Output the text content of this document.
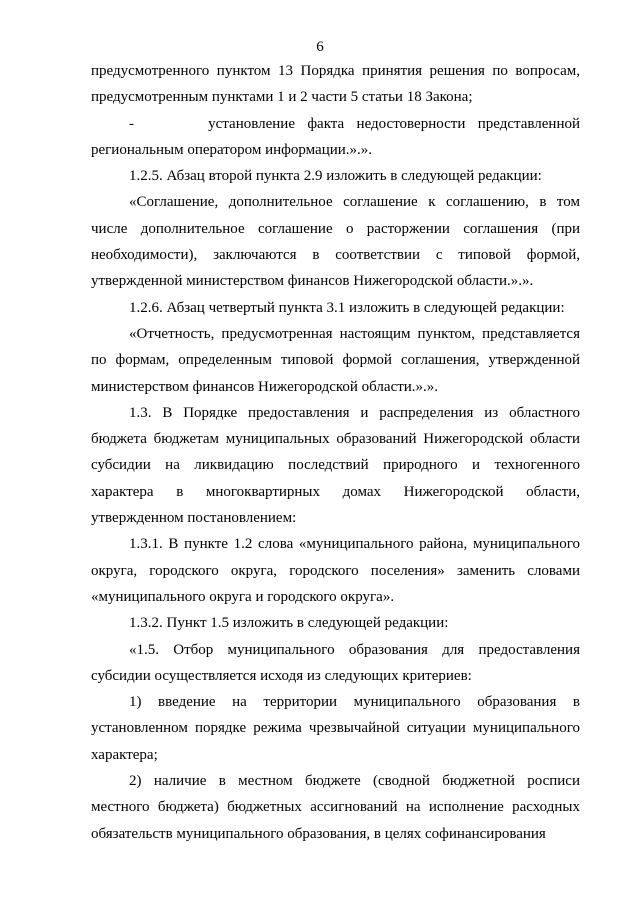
6
предусмотренного пунктом 13 Порядка принятия решения по вопросам,
предусмотренным пунктами 1 и 2 части 5 статьи 18 Закона;
-      установление факта недостоверности представленной
региональным оператором информации.».».
1.2.5. Абзац второй пункта 2.9 изложить в следующей редакции:
«Соглашение, дополнительное соглашение к соглашению, в том
числе дополнительное соглашение о расторжении соглашения (при
необходимости), заключаются в соответствии с типовой формой,
утвержденной министерством финансов Нижегородской области.».».
1.2.6. Абзац четвертый пункта 3.1 изложить в следующей редакции:
«Отчетность, предусмотренная настоящим пунктом, представляется
по формам, определенным типовой формой соглашения, утвержденной
министерством финансов Нижегородской области.».».
1.3. В Порядке предоставления и распределения из областного
бюджета бюджетам муниципальных образований Нижегородской области
субсидии на ликвидацию последствий природного и техногенного
характера в многоквартирных домах Нижегородской области,
утвержденном постановлением:
1.3.1. В пункте 1.2 слова «муниципального района, муниципального
округа, городского округа, городского поселения» заменить словами
«муниципального округа и городского округа».
1.3.2. Пункт 1.5 изложить в следующей редакции:
«1.5. Отбор муниципального образования для предоставления
субсидии осуществляется исходя из следующих критериев:
1) введение на территории муниципального образования в
установленном порядке режима чрезвычайной ситуации муниципального
характера;
2) наличие в местном бюджете (сводной бюджетной росписи
местного бюджета) бюджетных ассигнований на исполнение расходных
обязательств муниципального образования, в целях софинансирования
